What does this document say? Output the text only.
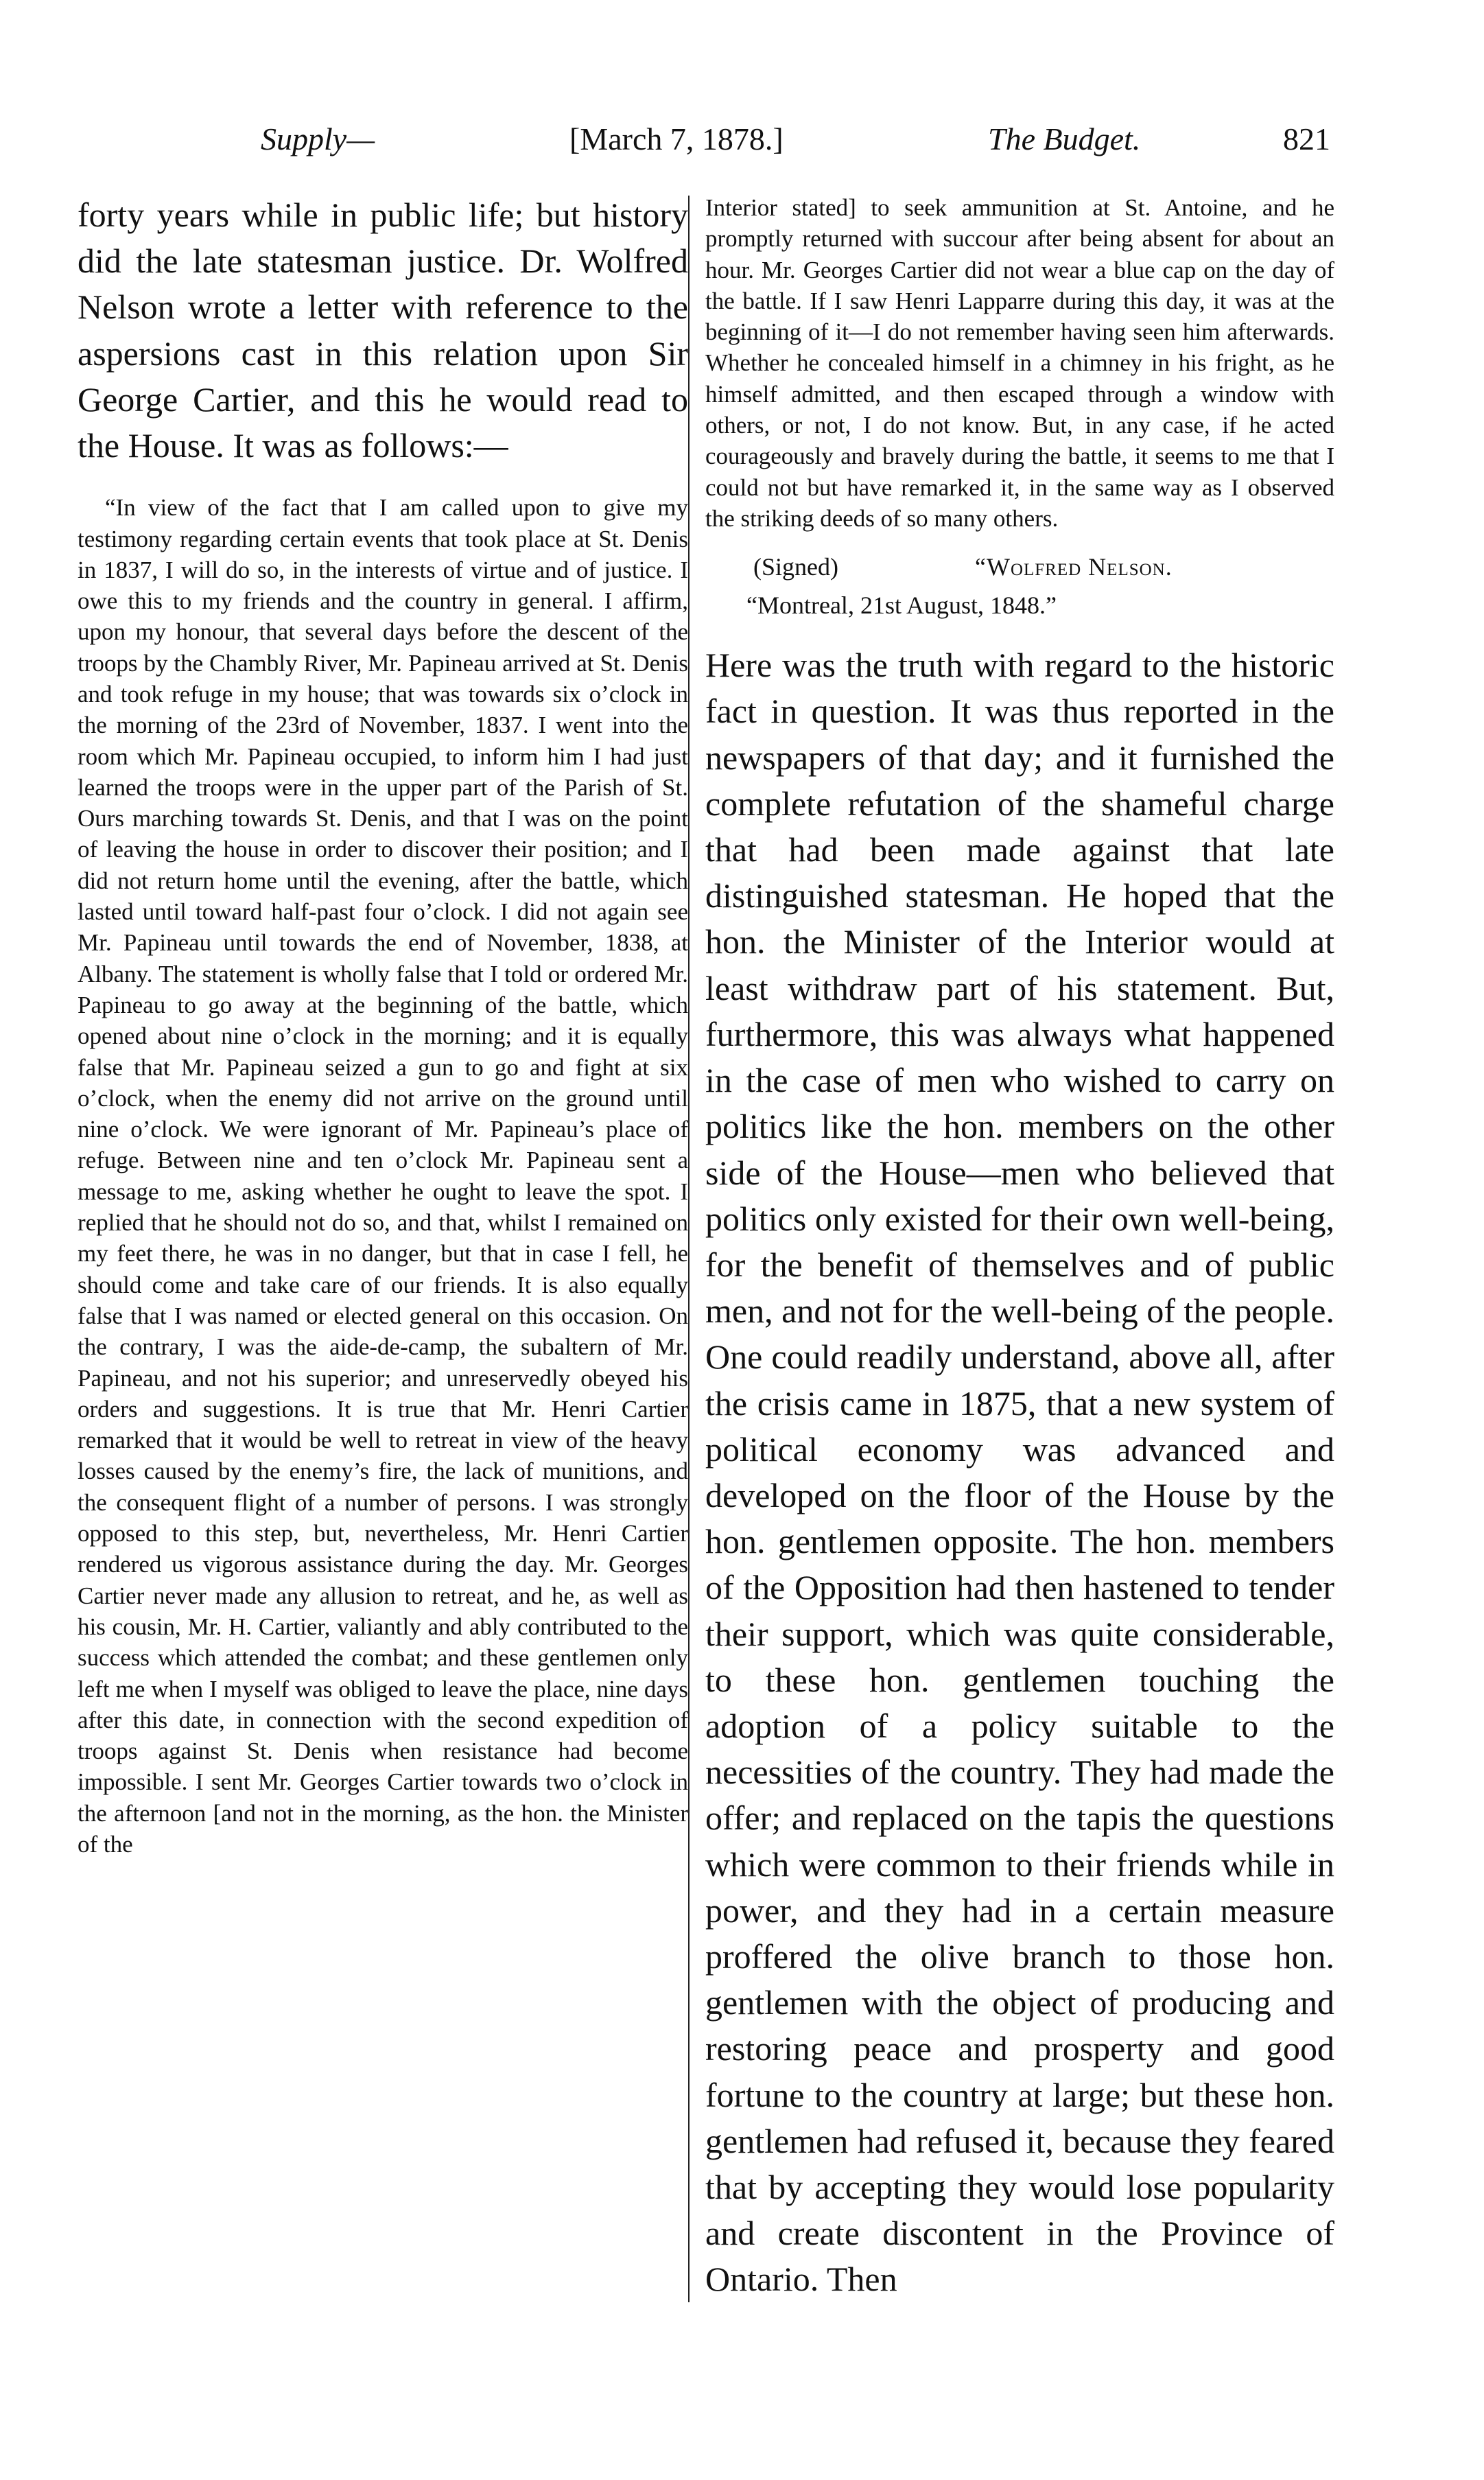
Supply—	[March 7, 1878.]	The Budget.	821

forty years while in public life; but history did the late statesman justice. Dr. Wolfred Nelson wrote a letter with reference to the aspersions cast in this relation upon Sir George Cartier, and this he would read to the House. It was as follows:—

“In view of the fact that I am called upon to give my testimony regarding certain events that took place at St. Denis in 1837, I will do so, in the interests of virtue and of justice. I owe this to my friends and the country in general. I affirm, upon my honour, that several days before the descent of the troops by the Chambly River, Mr. Papineau arrived at St. Denis and took refuge in my house; that was towards six o’clock in the morning of the 23rd of November, 1837. I went into the room which Mr. Papineau occupied, to inform him I had just learned the troops were in the upper part of the Parish of St. Ours marching towards St. Denis, and that I was on the point of leaving the house in order to discover their position; and I did not return home until the evening, after the battle, which lasted until toward half-past four o’clock. I did not again see Mr. Papineau until towards the end of November, 1838, at Albany. The statement is wholly false that I told or ordered Mr. Papineau to go away at the beginning of the battle, which opened about nine o’clock in the morning; and it is equally false that Mr. Papineau seized a gun to go and fight at six o’clock, when the enemy did not arrive on the ground until nine o’clock. We were ignorant of Mr. Papineau’s place of refuge. Between nine and ten o’clock Mr. Papineau sent a message to me, asking whether he ought to leave the spot. I replied that he should not do so, and that, whilst I remained on my feet there, he was in no danger, but that in case I fell, he should come and take care of our friends. It is also equally false that I was named or elected general on this occasion. On the contrary, I was the aide-de-camp, the subaltern of Mr. Papineau, and not his superior; and unreservedly obeyed his orders and suggestions. It is true that Mr. Henri Cartier remarked that it would be well to retreat in view of the heavy losses caused by the enemy’s fire, the lack of munitions, and the consequent flight of a number of persons. I was strongly opposed to this step, but, nevertheless, Mr. Henri Cartier rendered us vigorous assistance during the day. Mr. Georges Cartier never made any allusion to retreat, and he, as well as his cousin, Mr. H. Cartier, valiantly and ably contributed to the success which attended the combat; and these gentlemen only left me when I myself was obliged to leave the place, nine days after this date, in connection with the second expedition of troops against St. Denis when resistance had become impossible. I sent Mr. Georges Cartier towards two o’clock in the afternoon [and not in the morning, as the hon. the Minister of the

Interior stated] to seek ammunition at St. Antoine, and he promptly returned with succour after being absent for about an hour. Mr. Georges Cartier did not wear a blue cap on the day of the battle. If I saw Henri Lapparre during this day, it was at the beginning of it—I do not remember having seen him afterwards. Whether he concealed himself in a chimney in his fright, as he himself admitted, and then escaped through a window with others, or not, I do not know. But, in any case, if he acted courageously and bravely during the battle, it seems to me that I could not but have remarked it, in the same way as I observed the striking deeds of so many others.

(Signed)	“Wolfred Nelson.

“Montreal, 21st August, 1848.”

Here was the truth with regard to the historic fact in question. It was thus reported in the newspapers of that day; and it furnished the complete refutation of the shameful charge that had been made against that late distinguished statesman. He hoped that the hon. the Minister of the Interior would at least withdraw part of his statement. But, furthermore, this was always what happened in the case of men who wished to carry on politics like the hon. members on the other side of the House—men who believed that politics only existed for their own well-being, for the benefit of themselves and of public men, and not for the well-being of the people. One could readily understand, above all, after the crisis came in 1875, that a new system of political economy was advanced and developed on the floor of the House by the hon. gentlemen opposite. The hon. members of the Opposition had then hastened to tender their support, which was quite considerable, to these hon. gentlemen touching the adoption of a policy suitable to the necessities of the country. They had made the offer; and replaced on the tapis the questions which were common to their friends while in power, and they had in a certain measure proffered the olive branch to those hon. gentlemen with the object of producing and restoring peace and prosperty and good fortune to the country at large; but these hon. gentlemen had refused it, because they feared that by accepting they would lose popularity and create discontent in the Province of Ontario. Then
